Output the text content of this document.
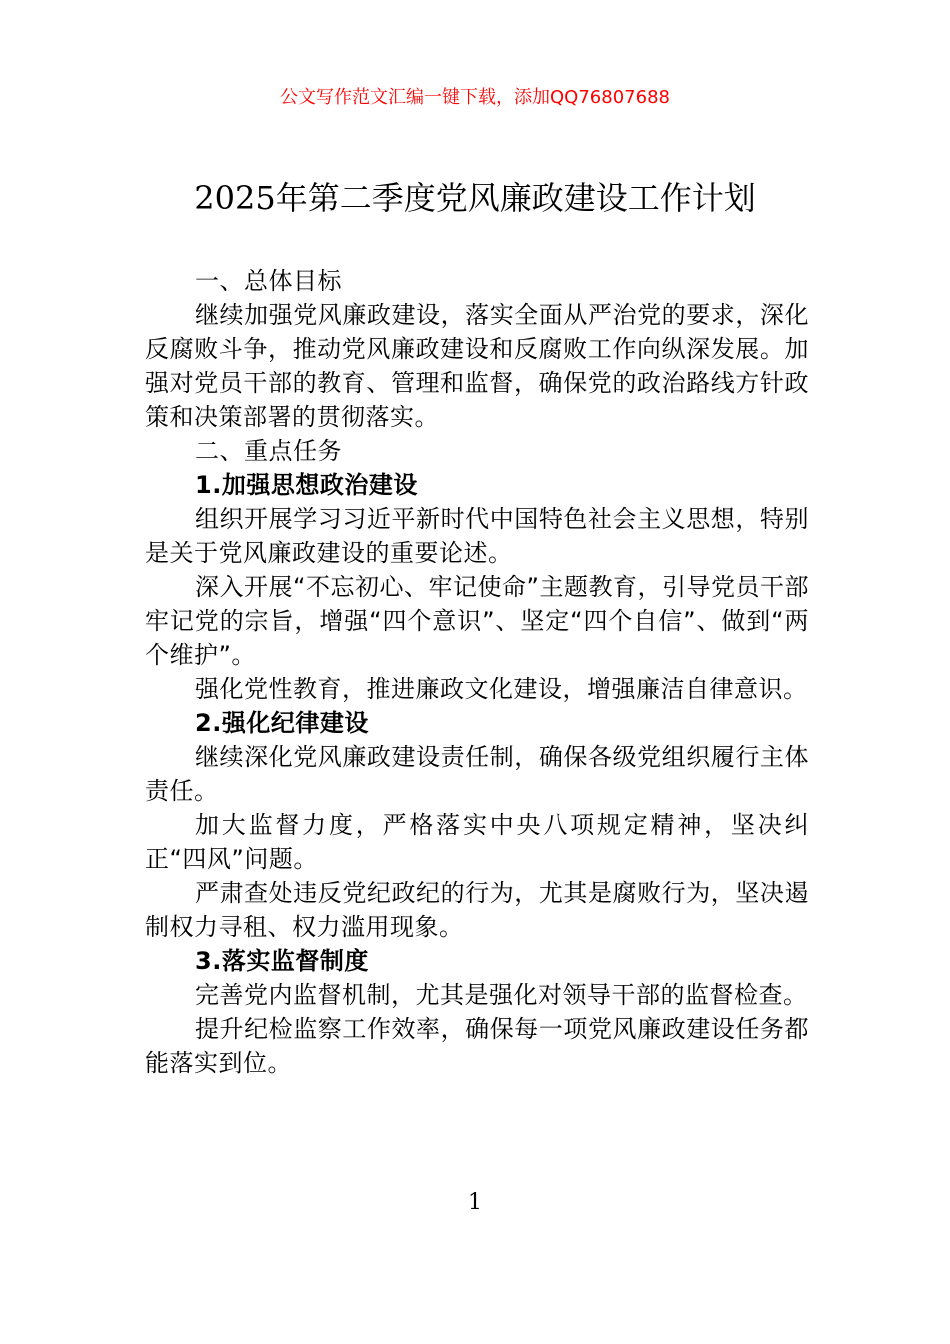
公文写作范文汇编一键下载，添加QQ76807688
2025年第二季度党风廉政建设工作计划

一、总体目标

继续加强党风廉政建设，落实全面从严治党的要求，深化反腐败斗争，推动党风廉政建设和反腐败工作向纵深发展。加强对党员干部的教育、管理和监督，确保党的政治路线方针政策和决策部署的贯彻落实。

二、重点任务

1.加强思想政治建设

组织开展学习习近平新时代中国特色社会主义思想，特别是关于党风廉政建设的重要论述。

深入开展“不忘初心、牢记使命”主题教育，引导党员干部牢记党的宗旨，增强“四个意识”、坚定“四个自信”、做到“两个维护”。

强化党性教育，推进廉政文化建设，增强廉洁自律意识。

2.强化纪律建设

继续深化党风廉政建设责任制，确保各级党组织履行主体责任。

加大监督力度，严格落实中央八项规定精神，坚决纠正“四风”问题。

严肃查处违反党纪政纪的行为，尤其是腐败行为，坚决遏制权力寻租、权力滥用现象。

3.落实监督制度

完善党内监督机制，尤其是强化对领导干部的监督检查。

提升纪检监察工作效率，确保每一项党风廉政建设任务都能落实到位。

1
